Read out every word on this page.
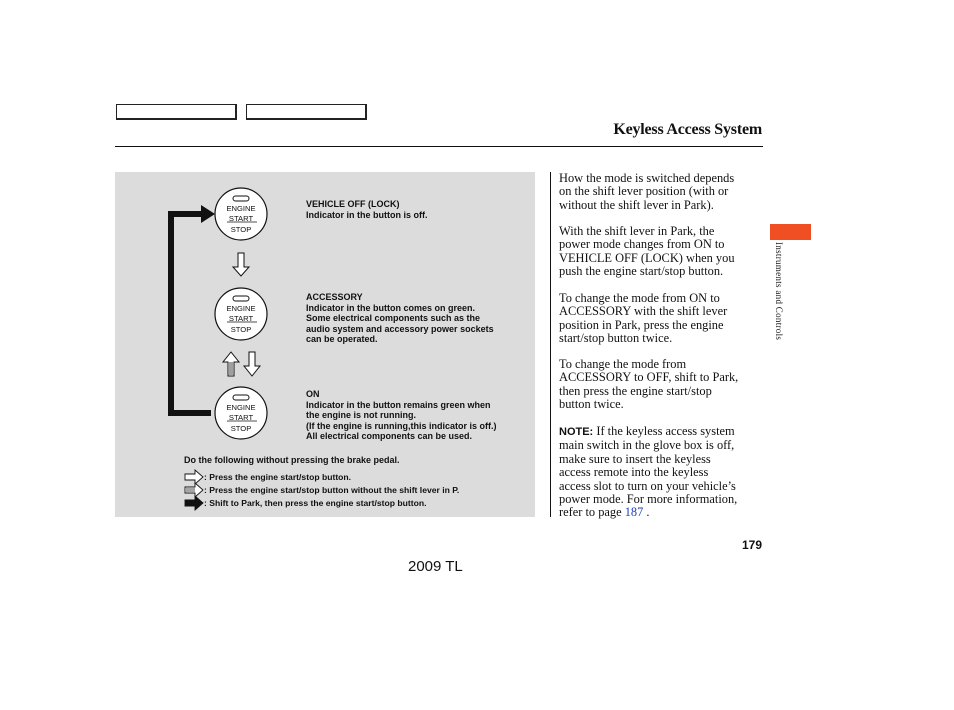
Keyless Access System
ENGINE
START
STOP
ENGINE
START
STOP
ENGINE
START
STOP
VEHICLE OFF (LOCK)
Indicator in the button is off.
ACCESSORY
Indicator in the button comes on green.
Some electrical components such as the
audio system and accessory power sockets
can be operated.
ON
Indicator in the button remains green when
the engine is not running.
(If the engine is running,this indicator is off.)
All electrical components can be used.
Do the following without pressing the brake pedal.
: Press the engine start/stop button.
: Press the engine start/stop button without the shift lever in P.
: Shift to Park, then press the engine start/stop button.
How the mode is switched depends
on the shift lever position (with or
without the shift lever in Park).
With the shift lever in Park, the
power mode changes from ON to
VEHICLE OFF (LOCK) when you
push the engine start/stop button.
To change the mode from ON to
ACCESSORY with the shift lever
position in Park, press the engine
start/stop button twice.
To change the mode from
ACCESSORY to OFF, shift to Park,
then press the engine start/stop
button twice.
NOTE: If the keyless access system
main switch in the glove box is off,
make sure to insert the keyless
access remote into the keyless
access slot to turn on your vehicle’s
power mode. For more information,
refer to page 187 .
Instruments and Controls
179
2009 TL
